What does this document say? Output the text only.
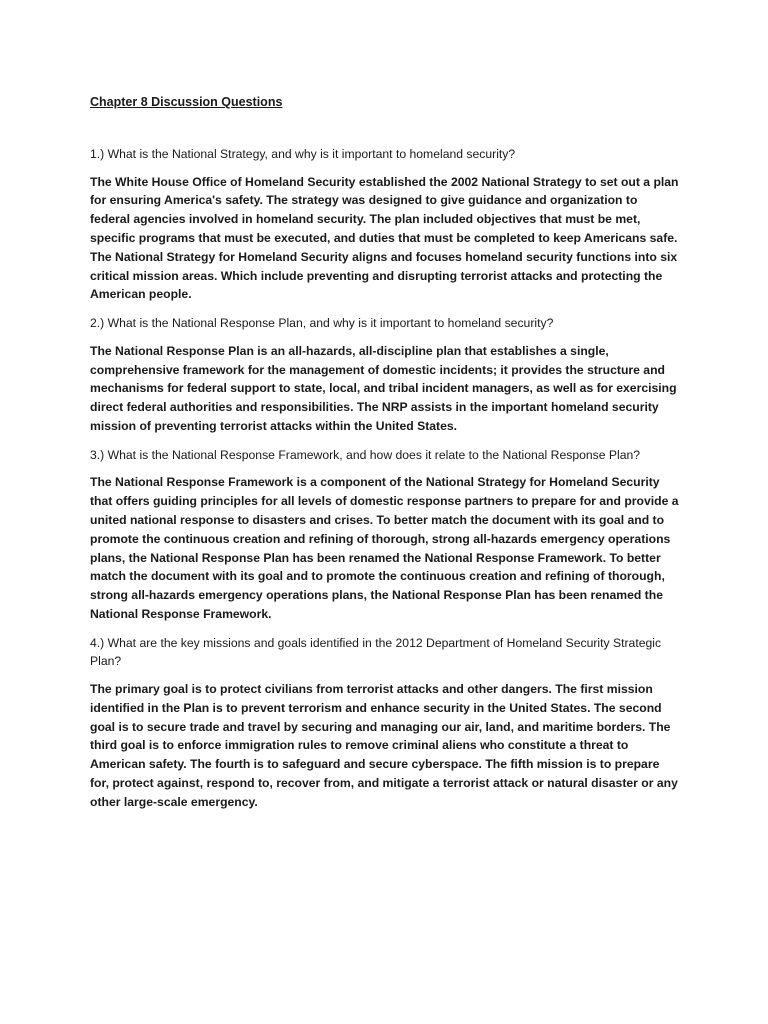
Chapter 8 Discussion Questions

1.) What is the National Strategy, and why is it important to homeland security?

The White House Office of Homeland Security established the 2002 National Strategy to set out a plan for ensuring America's safety. The strategy was designed to give guidance and organization to federal agencies involved in homeland security. The plan included objectives that must be met, specific programs that must be executed, and duties that must be completed to keep Americans safe. The National Strategy for Homeland Security aligns and focuses homeland security functions into six critical mission areas. Which include preventing and disrupting terrorist attacks and protecting the American people.

2.) What is the National Response Plan, and why is it important to homeland security?

The National Response Plan is an all-hazards, all-discipline plan that establishes a single, comprehensive framework for the management of domestic incidents; it provides the structure and mechanisms for federal support to state, local, and tribal incident managers, as well as for exercising direct federal authorities and responsibilities. The NRP assists in the important homeland security mission of preventing terrorist attacks within the United States.

3.) What is the National Response Framework, and how does it relate to the National Response Plan?

The National Response Framework is a component of the National Strategy for Homeland Security that offers guiding principles for all levels of domestic response partners to prepare for and provide a united national response to disasters and crises. To better match the document with its goal and to promote the continuous creation and refining of thorough, strong all-hazards emergency operations plans, the National Response Plan has been renamed the National Response Framework. To better match the document with its goal and to promote the continuous creation and refining of thorough, strong all-hazards emergency operations plans, the National Response Plan has been renamed the National Response Framework.

4.) What are the key missions and goals identified in the 2012 Department of Homeland Security Strategic Plan?

The primary goal is to protect civilians from terrorist attacks and other dangers. The first mission identified in the Plan is to prevent terrorism and enhance security in the United States. The second goal is to secure trade and travel by securing and managing our air, land, and maritime borders. The third goal is to enforce immigration rules to remove criminal aliens who constitute a threat to American safety. The fourth is to safeguard and secure cyberspace. The fifth mission is to prepare for, protect against, respond to, recover from, and mitigate a terrorist attack or natural disaster or any other large-scale emergency.
